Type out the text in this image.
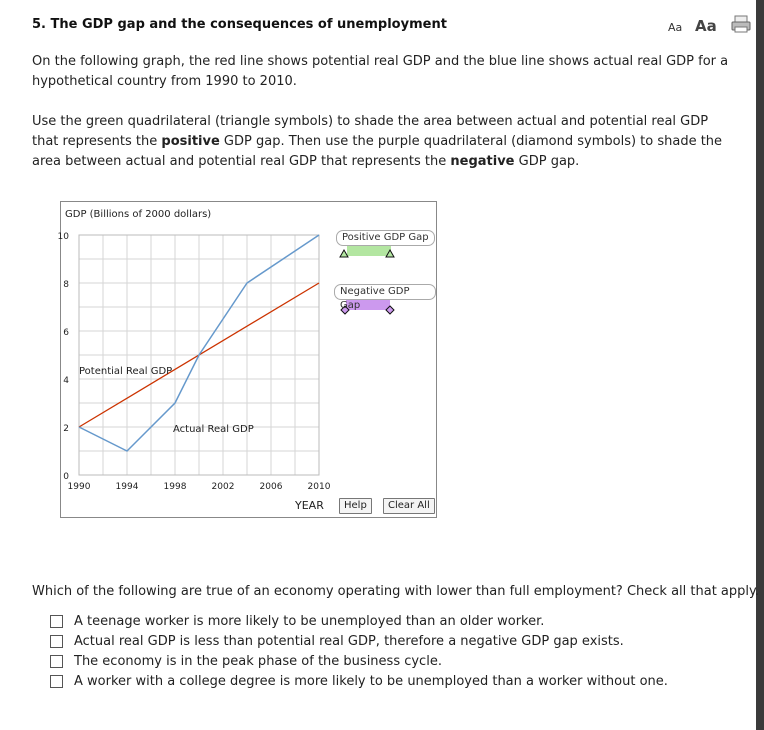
5. The GDP gap and the consequences of unemployment	Aa Aa
On the following graph, the red line shows potential real GDP and the blue line shows actual real GDP for a hypothetical country from 1990 to 2010.
Use the green quadrilateral (triangle symbols) to shade the area between actual and potential real GDP that represents the positive GDP gap. Then use the purple quadrilateral (diamond symbols) to shade the area between actual and potential real GDP that represents the negative GDP gap.
0
2
4
6
8
10
1990	1994	1998	2002	2006	2010
GDP (Billions of 2000 dollars)
YEAR
Potential Real GDP
Actual Real GDP
Positive GDP Gap
Negative GDP Gap
Help	Clear All
Which of the following are true of an economy operating with lower than full employment? Check all that apply.
A teenage worker is more likely to be unemployed than an older worker.
Actual real GDP is less than potential real GDP, therefore a negative GDP gap exists.
The economy is in the peak phase of the business cycle.
A worker with a college degree is more likely to be unemployed than a worker without one.
